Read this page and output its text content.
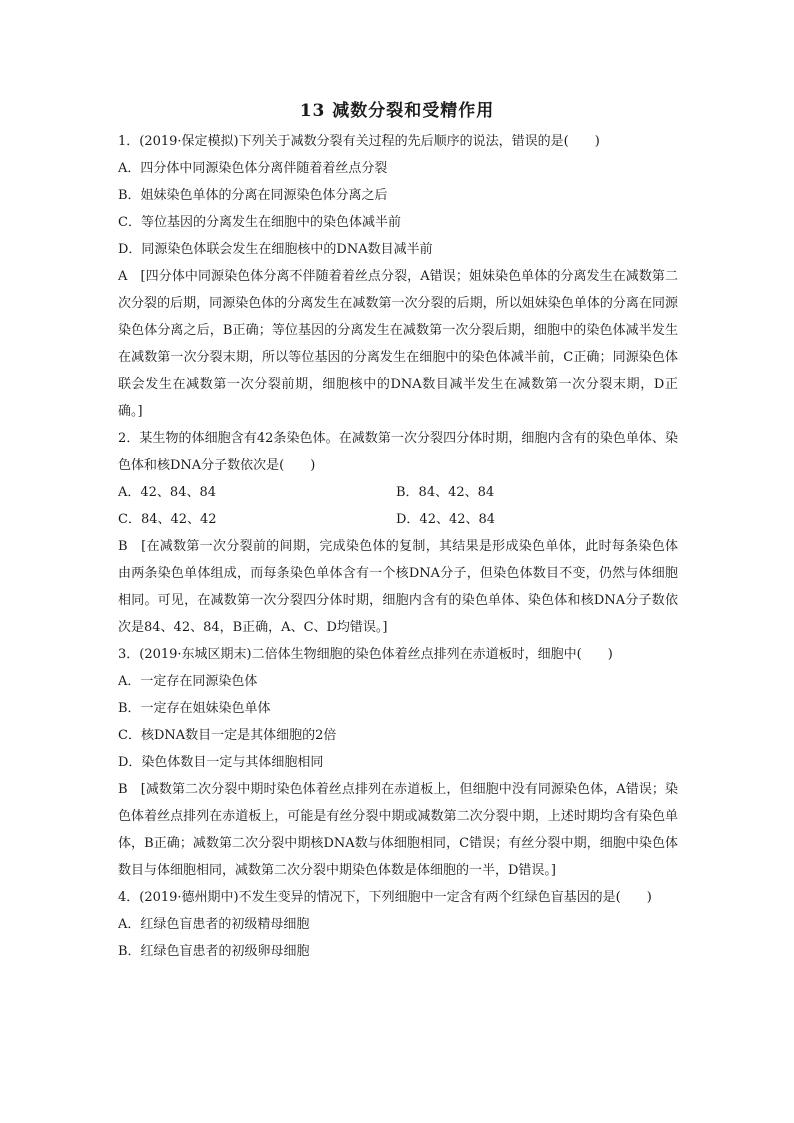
13 减数分裂和受精作用
1．(2019·保定模拟)下列关于减数分裂有关过程的先后顺序的说法，错误的是(　　)
A．四分体中同源染色体分离伴随着着丝点分裂
B．姐妹染色单体的分离在同源染色体分离之后
C．等位基因的分离发生在细胞中的染色体减半前
D．同源染色体联会发生在细胞核中的DNA数目减半前
A　[四分体中同源染色体分离不伴随着着丝点分裂，A错误；姐妹染色单体的分离发生在减数第二次分裂的后期，同源染色体的分离发生在减数第一次分裂的后期，所以姐妹染色单体的分离在同源染色体分离之后，B正确；等位基因的分离发生在减数第一次分裂后期，细胞中的染色体减半发生在减数第一次分裂末期，所以等位基因的分离发生在细胞中的染色体减半前，C正确；同源染色体联会发生在减数第一次分裂前期，细胞核中的DNA数目减半发生在减数第一次分裂末期，D正确。]
2．某生物的体细胞含有42条染色体。在减数第一次分裂四分体时期，细胞内含有的染色单体、染色体和核DNA分子数依次是(　　)
A．42、84、84	B．84、42、84
C．84、42、42	D．42、42、84
B　[在减数第一次分裂前的间期，完成染色体的复制，其结果是形成染色单体，此时每条染色体由两条染色单体组成，而每条染色单体含有一个核DNA分子，但染色体数目不变，仍然与体细胞相同。可见，在减数第一次分裂四分体时期，细胞内含有的染色单体、染色体和核DNA分子数依次是84、42、84，B正确，A、C、D均错误。]
3．(2019·东城区期末)二倍体生物细胞的染色体着丝点排列在赤道板时，细胞中(　　)
A．一定存在同源染色体
B．一定存在姐妹染色单体
C．核DNA数目一定是其体细胞的2倍
D．染色体数目一定与其体细胞相同
B　[减数第二次分裂中期时染色体着丝点排列在赤道板上，但细胞中没有同源染色体，A错误；染色体着丝点排列在赤道板上，可能是有丝分裂中期或减数第二次分裂中期，上述时期均含有染色单体，B正确；减数第二次分裂中期核DNA数与体细胞相同，C错误；有丝分裂中期，细胞中染色体数目与体细胞相同，减数第二次分裂中期染色体数是体细胞的一半，D错误。]
4．(2019·德州期中)不发生变异的情况下，下列细胞中一定含有两个红绿色盲基因的是(　　)
A．红绿色盲患者的初级精母细胞
B．红绿色盲患者的初级卵母细胞
